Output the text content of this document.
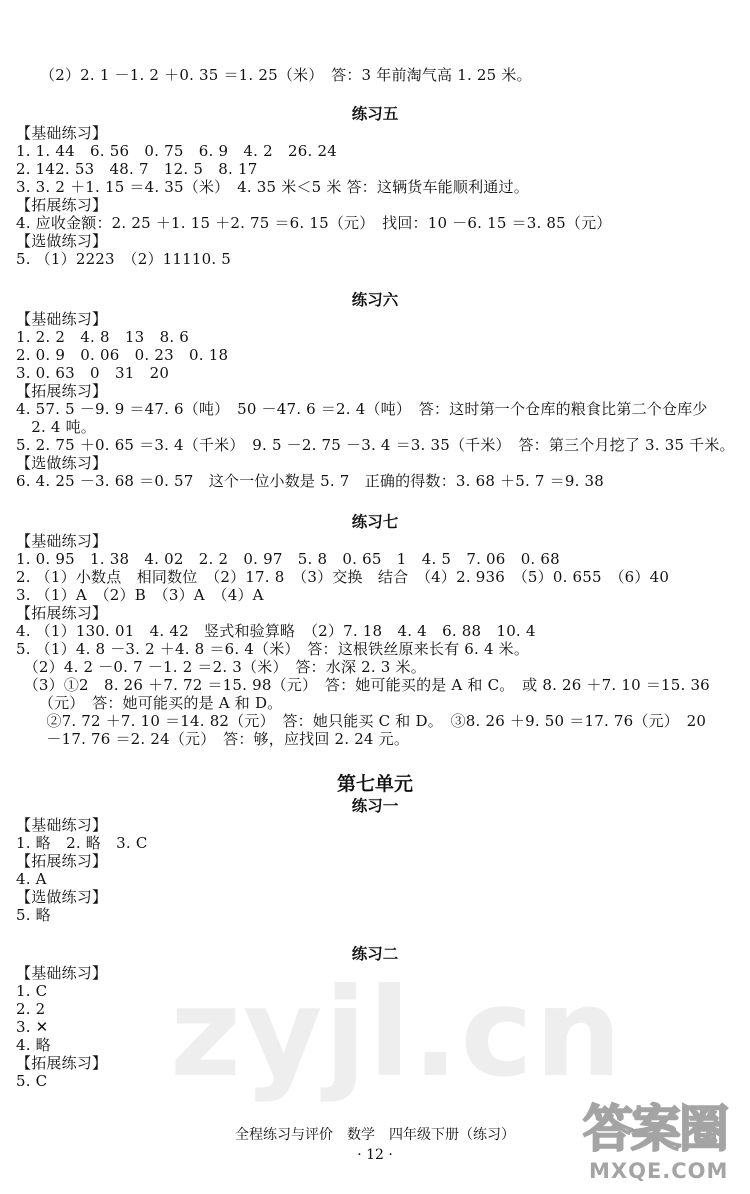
（2）2. 1 －1. 2 ＋0. 35 ＝1. 25（米）　答：3 年前淘气高 1. 25 米。
练习五
【基础练习】
1. 1. 44　6. 56　0. 75　6. 9　4. 2　26. 24
2. 142. 53　48. 7　12. 5　8. 17
3. 3. 2 ＋1. 15 ＝4. 35（米）　4. 35 米＜5 米 答：这辆货车能顺利通过。
【拓展练习】
4. 应收金额：2. 25 ＋1. 15 ＋2. 75 ＝6. 15（元）　找回：10 －6. 15 ＝3. 85（元）
【选做练习】
5. （1）2223　（2）11110. 5
练习六
【基础练习】
1. 2. 2　4. 8　13　8. 6
2. 0. 9　0. 06　0. 23　0. 18
3. 0. 63　0　31　20
【拓展练习】
4. 57. 5 －9. 9 ＝47. 6（吨）　50 －47. 6 ＝2. 4（吨）　答：这时第一个仓库的粮食比第二个仓库少
　2. 4 吨。
5. 2. 75 ＋0. 65 ＝3. 4（千米）　9. 5 －2. 75 －3. 4 ＝3. 35（千米）　答：第三个月挖了 3. 35 千米。
【选做练习】
6. 4. 25 －3. 68 ＝0. 57　这个一位小数是 5. 7　正确的得数：3. 68 ＋5. 7 ＝9. 38
练习七
【基础练习】
1. 0. 95　1. 38　4. 02　2. 2　0. 97　5. 8　0. 65　1　4. 5　7. 06　0. 68
2. （1）小数点　相同数位　（2）17. 8　（3）交换　结合　（4）2. 936　（5）0. 655　（6）40
3. （1）A　（2）B　（3）A　（4）A
【拓展练习】
4. （1）130. 01　4. 42　竖式和验算略　（2）7. 18　4. 4　6. 88　10. 4
5. （1）4. 8 －3. 2 ＋4. 8 ＝6. 4（米）　答：这根铁丝原来长有 6. 4 米。
　（2）4. 2 －0. 7 －1. 2 ＝2. 3（米）　答：水深 2. 3 米。
　（3）①2　8. 26 ＋7. 72 ＝15. 98（元）　答：她可能买的是 A 和 C。　或 8. 26 ＋7. 10 ＝15. 36
　　（元）　答：她可能买的是 A 和 D。
　　②7. 72 ＋7. 10 ＝14. 82（元）　答：她只能买 C 和 D。　③8. 26 ＋9. 50 ＝17. 76（元）　20
　　－17. 76 ＝2. 24（元）　答：够，应找回 2. 24 元。
第七单元
练习一
【基础练习】
1. 略　2. 略　3. C
【拓展练习】
4. A
【选做练习】
5. 略
练习二
【基础练习】
1. C
2. 2
3. ✕
4. 略
【拓展练习】
5. C zyjl.cn
全程练习与评价　数学　四年级下册（练习）
· 12 ·	答案圈
MXQE.COM
